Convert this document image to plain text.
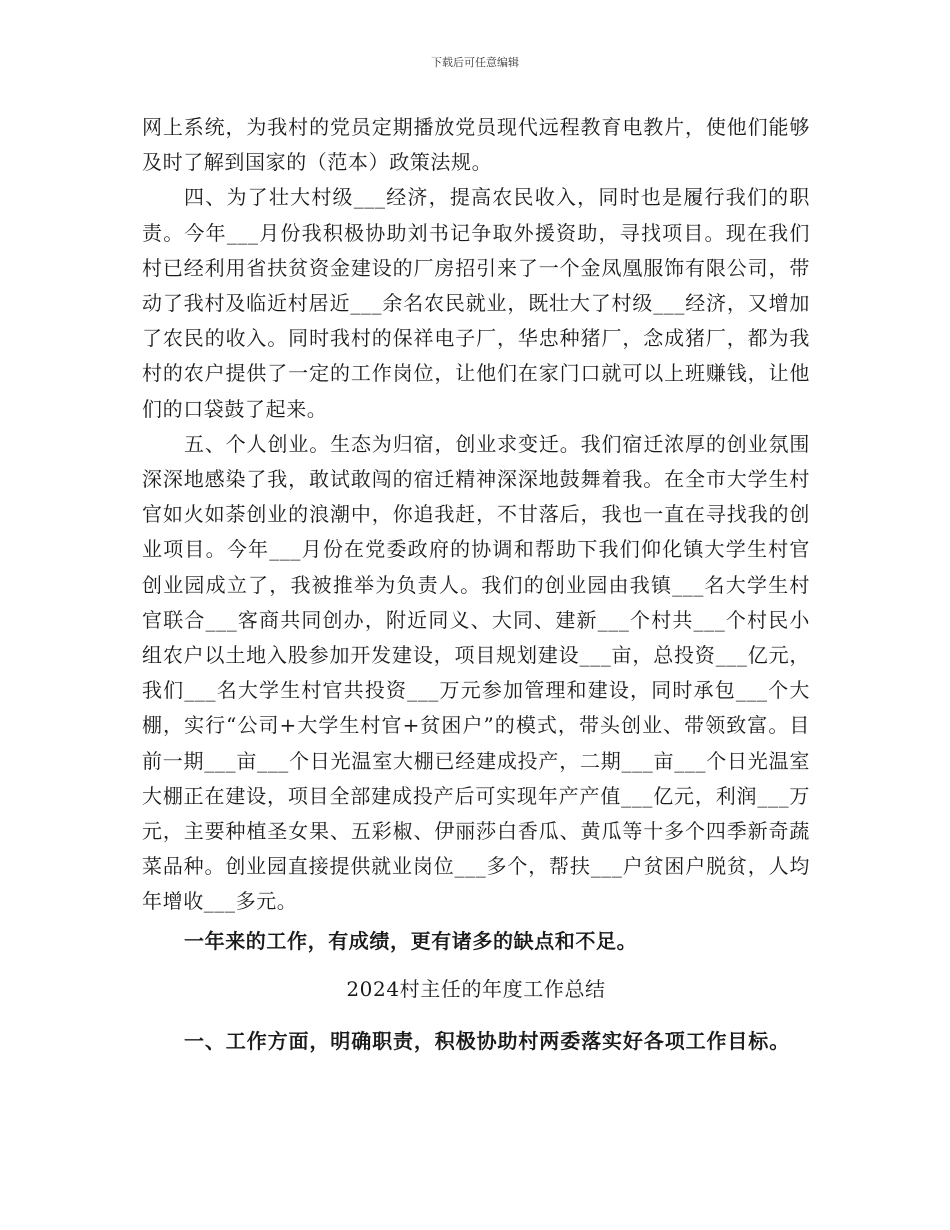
下载后可任意编辑

网上系统，为我村的党员定期播放党员现代远程教育电教片，使他们能够及时了解到国家的（范本）政策法规。

四、为了壮大村级___经济，提高农民收入，同时也是履行我们的职责。今年___月份我积极协助刘书记争取外援资助，寻找项目。现在我们村已经利用省扶贫资金建设的厂房招引来了一个金凤凰服饰有限公司，带动了我村及临近村居近___余名农民就业，既壮大了村级___经济，又增加了农民的收入。同时我村的保祥电子厂，华忠种猪厂，念成猪厂，都为我村的农户提供了一定的工作岗位，让他们在家门口就可以上班赚钱，让他们的口袋鼓了起来。

五、个人创业。生态为归宿，创业求变迁。我们宿迁浓厚的创业氛围深深地感染了我，敢试敢闯的宿迁精神深深地鼓舞着我。在全市大学生村官如火如荼创业的浪潮中，你追我赶，不甘落后，我也一直在寻找我的创业项目。今年___月份在党委政府的协调和帮助下我们仰化镇大学生村官创业园成立了，我被推举为负责人。我们的创业园由我镇___名大学生村官联合___客商共同创办，附近同义、大同、建新___个村共___个村民小组农户以土地入股参加开发建设，项目规划建设___亩，总投资___亿元，我们___名大学生村官共投资___万元参加管理和建设，同时承包___个大棚，实行“公司+大学生村官+贫困户”的模式，带头创业、带领致富。目前一期___亩___个日光温室大棚已经建成投产，二期___亩___个日光温室大棚正在建设，项目全部建成投产后可实现年产产值___亿元，利润___万元，主要种植圣女果、五彩椒、伊丽莎白香瓜、黄瓜等十多个四季新奇蔬菜品种。创业园直接提供就业岗位___多个，帮扶___户贫困户脱贫，人均年增收___多元。

一年来的工作，有成绩，更有诸多的缺点和不足。

2024村主任的年度工作总结

一、工作方面，明确职责，积极协助村两委落实好各项工作目标。
